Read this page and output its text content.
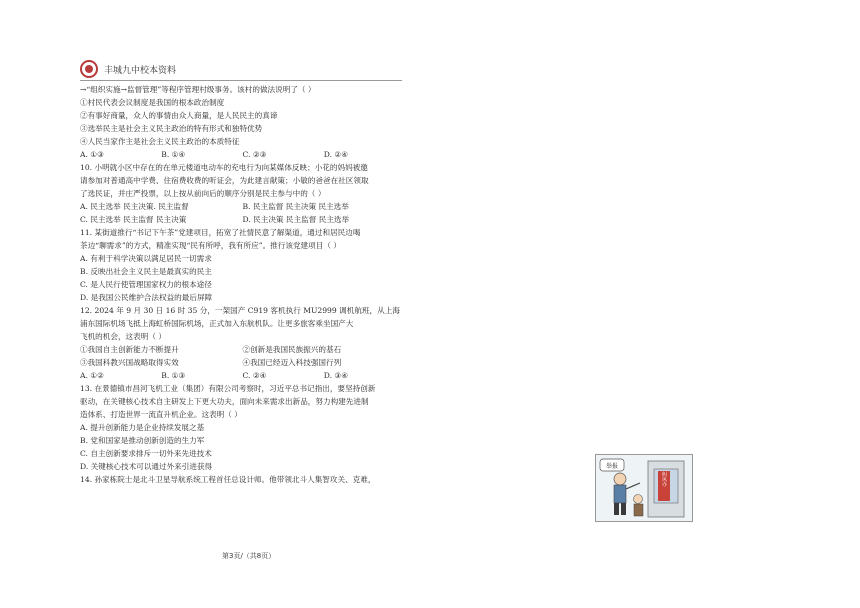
丰城九中校本资料
→“组织实施→监督管理”等程序管理村级事务。该村的做法说明了（ ）
①村民代表会议制度是我国的根本政治制度
②有事好商量，众人的事情由众人商量，是人民民主的真谛
③选举民主是社会主义民主政治的特有形式和独特优势
④人民当家作主是社会主义民主政治的本质特征
A. ①③	B. ①④	C. ②③	D. ②④
10. 小明就小区中存在的在单元楼道电动车的充电行为向某媒体反映；小花的妈妈被邀
请参加对普通高中学费、住宿费收费的听证会，为此建言献策；小敏的爸爸在社区领取
了选民证，并庄严投票，以上按从前向后的顺序分别是民主参与中的（ ）
A. 民主选举 民主决策. 民主监督	B. 民主监督 民主决策 民主选举
C. 民主选举 民主监督 民主决策	D. 民主决策 民主监督 民主选举
11. 某街道推行“书记下午茶”党建项目，拓宽了社情民意了解渠道，通过和居民边喝
茶边“聊需求”的方式，精准实现“民有所呼，我有所应”。推行该党建项目（ ）
A. 有利于科学决策以满足居民一切需求
B. 反映出社会主义民主是最真实的民主
C. 是人民行使管理国家权力的根本途径
D. 是我国公民维护合法权益的最后屏障
12. 2024 年 9 月 30 日 16 时 35 分，一架国产 C919 客机执行 MU2999 调机航班，从上海
浦东国际机场飞抵上海虹桥国际机场，正式加入东航机队。让更多旅客乘坐国产大
飞机的机会，这表明（ ）
①我国自主创新能力不断提升	②创新是我国民族振兴的基石
③我国科教兴国战略取得实效	④我国已经迈入科技强国行列
A. ①②	B. ①③	C. ②④	D. ③④
13. 在景德镇市昌河飞机工业（集团）有限公司考察时，习近平总书记指出，要坚持创新
驱动，在关键核心技术自主研发上下更大功夫，面向未来需求出新品，努力构建先进制
造体系、打造世界一流直升机企业。这表明（ ）
A. 提升创新能力是企业持续发展之基
B. 党和国家是推动创新创造的生力军
C. 自主创新要求排斥一切外来先进技术
D. 关键核心技术可以通过外来引进获得
14. 孙家栋院士是北斗卫星导航系统工程首任总设计师。他带领北斗人集智攻关、克难，
第3页/（共8页）
纠风办
举报
